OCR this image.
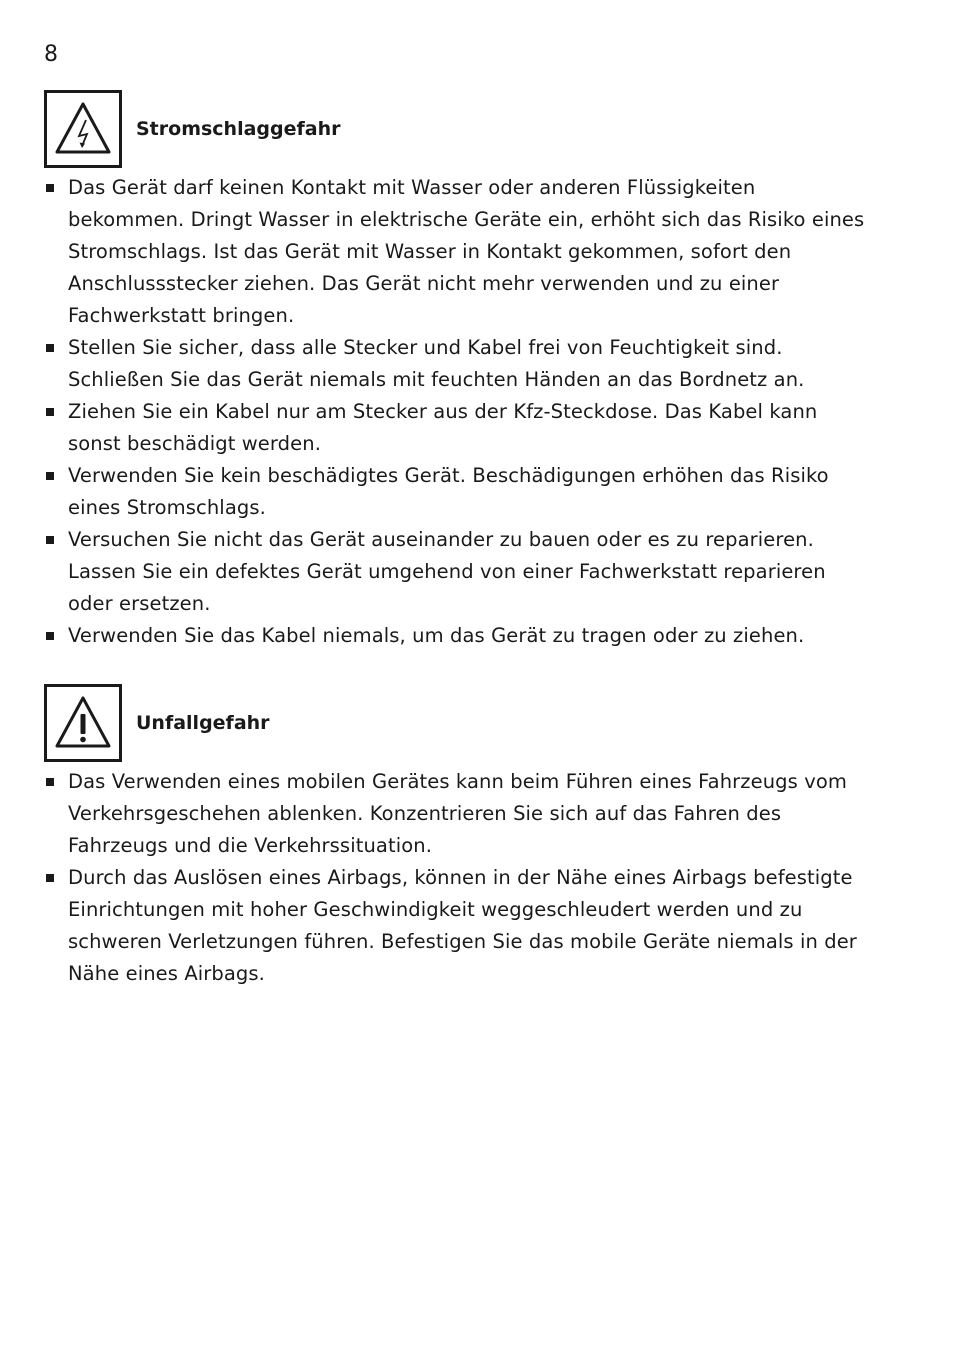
8
Stromschlaggefahr
Das Gerät darf keinen Kontakt mit Wasser oder anderen Flüssigkeiten bekommen. Dringt Wasser in elektrische Geräte ein, erhöht sich das Risiko eines Stromschlags. Ist das Gerät mit Wasser in Kontakt gekommen, sofort den Anschlussstecker ziehen. Das Gerät nicht mehr verwenden und zu einer Fachwerkstatt bringen.
Stellen Sie sicher, dass alle Stecker und Kabel frei von Feuchtigkeit sind. Schließen Sie das Gerät niemals mit feuchten Händen an das Bordnetz an.
Ziehen Sie ein Kabel nur am Stecker aus der Kfz-Steckdose. Das Kabel kann sonst beschädigt werden.
Verwenden Sie kein beschädigtes Gerät. Beschädigungen erhöhen das Risiko eines Stromschlags.
Versuchen Sie nicht das Gerät auseinander zu bauen oder es zu reparieren. Lassen Sie ein defektes Gerät umgehend von einer Fachwerkstatt reparieren oder ersetzen.
Verwenden Sie das Kabel niemals, um das Gerät zu tragen oder zu ziehen.
Unfallgefahr
Das Verwenden eines mobilen Gerätes kann beim Führen eines Fahrzeugs vom Verkehrsgeschehen ablenken. Konzentrieren Sie sich auf das Fahren des Fahrzeugs und die Verkehrssituation.
Durch das Auslösen eines Airbags, können in der Nähe eines Airbags befestigte Einrichtungen mit hoher Geschwindigkeit weggeschleudert werden und zu schweren Verletzungen führen. Befestigen Sie das mobile Geräte niemals in der Nähe eines Airbags.
